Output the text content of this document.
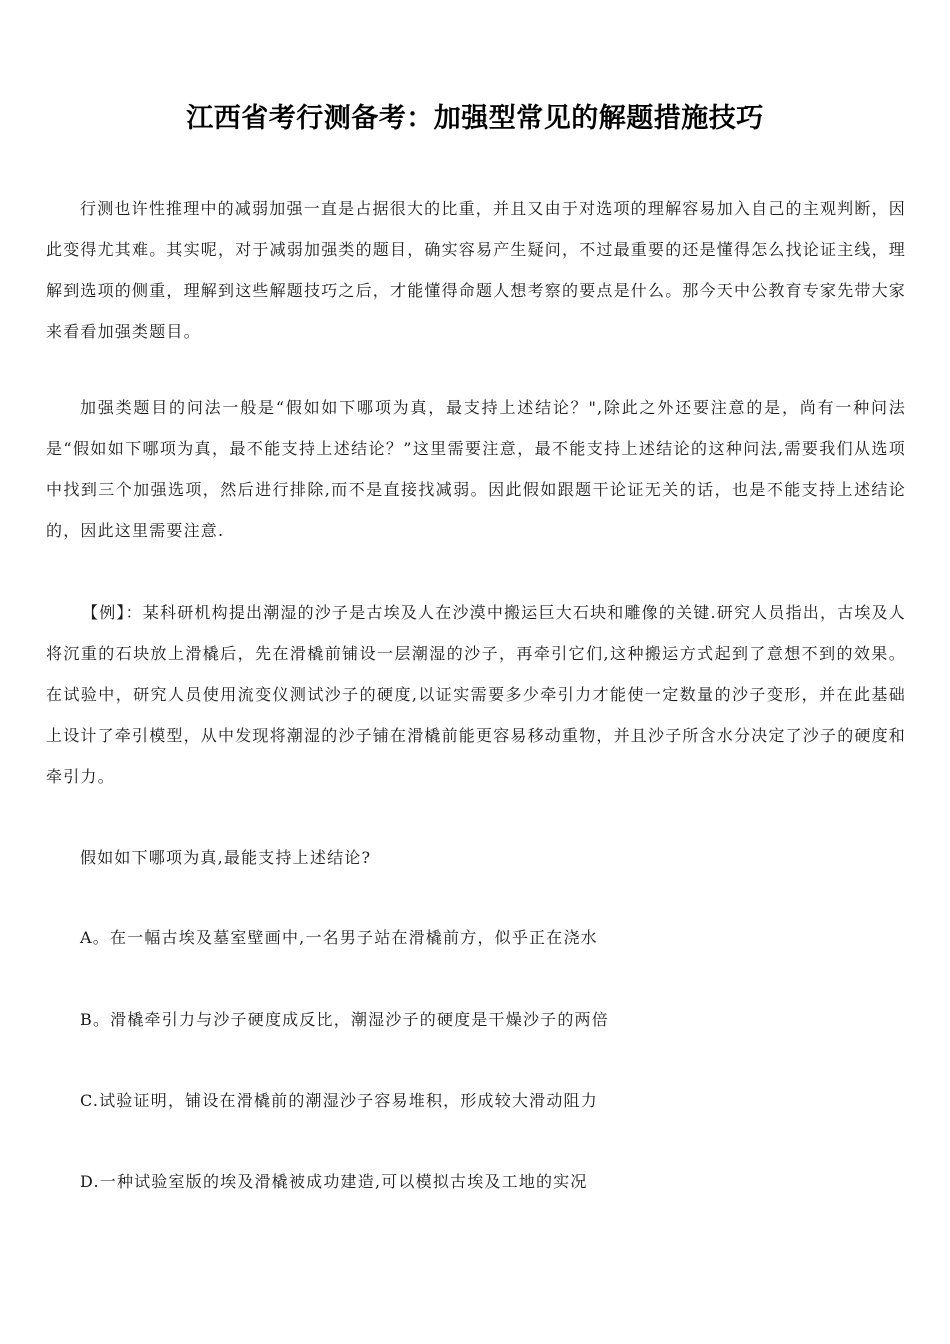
江西省考行测备考：加强型常见的解题措施技巧

行测也许性推理中的减弱加强一直是占据很大的比重，并且又由于对选项的理解容易加入自己的主观判断，因此变得尤其难。其实呢，对于减弱加强类的题目，确实容易产生疑问，不过最重要的还是懂得怎么找论证主线，理解到选项的侧重，理解到这些解题技巧之后，才能懂得命题人想考察的要点是什么。那今天中公教育专家先带大家来看看加强类题目。

加强类题目的问法一般是“假如如下哪项为真，最支持上述结论？",除此之外还要注意的是，尚有一种问法是“假如如下哪项为真，最不能支持上述结论？”这里需要注意，最不能支持上述结论的这种问法,需要我们从选项中找到三个加强选项，然后进行排除,而不是直接找减弱。因此假如跟题干论证无关的话，也是不能支持上述结论的，因此这里需要注意.

【例】：某科研机构提出潮湿的沙子是古埃及人在沙漠中搬运巨大石块和雕像的关键.研究人员指出，古埃及人将沉重的石块放上滑橇后，先在滑橇前铺设一层潮湿的沙子，再牵引它们,这种搬运方式起到了意想不到的效果。在试验中，研究人员使用流变仪测试沙子的硬度,以证实需要多少牵引力才能使一定数量的沙子变形，并在此基础上设计了牵引模型，从中发现将潮湿的沙子铺在滑橇前能更容易移动重物，并且沙子所含水分决定了沙子的硬度和牵引力。

假如如下哪项为真,最能支持上述结论?

A。在一幅古埃及墓室壁画中,一名男子站在滑橇前方，似乎正在浇水

B。滑橇牵引力与沙子硬度成反比，潮湿沙子的硬度是干燥沙子的两倍

C.试验证明，铺设在滑橇前的潮湿沙子容易堆积，形成较大滑动阻力

D.一种试验室版的埃及滑橇被成功建造,可以模拟古埃及工地的实况
